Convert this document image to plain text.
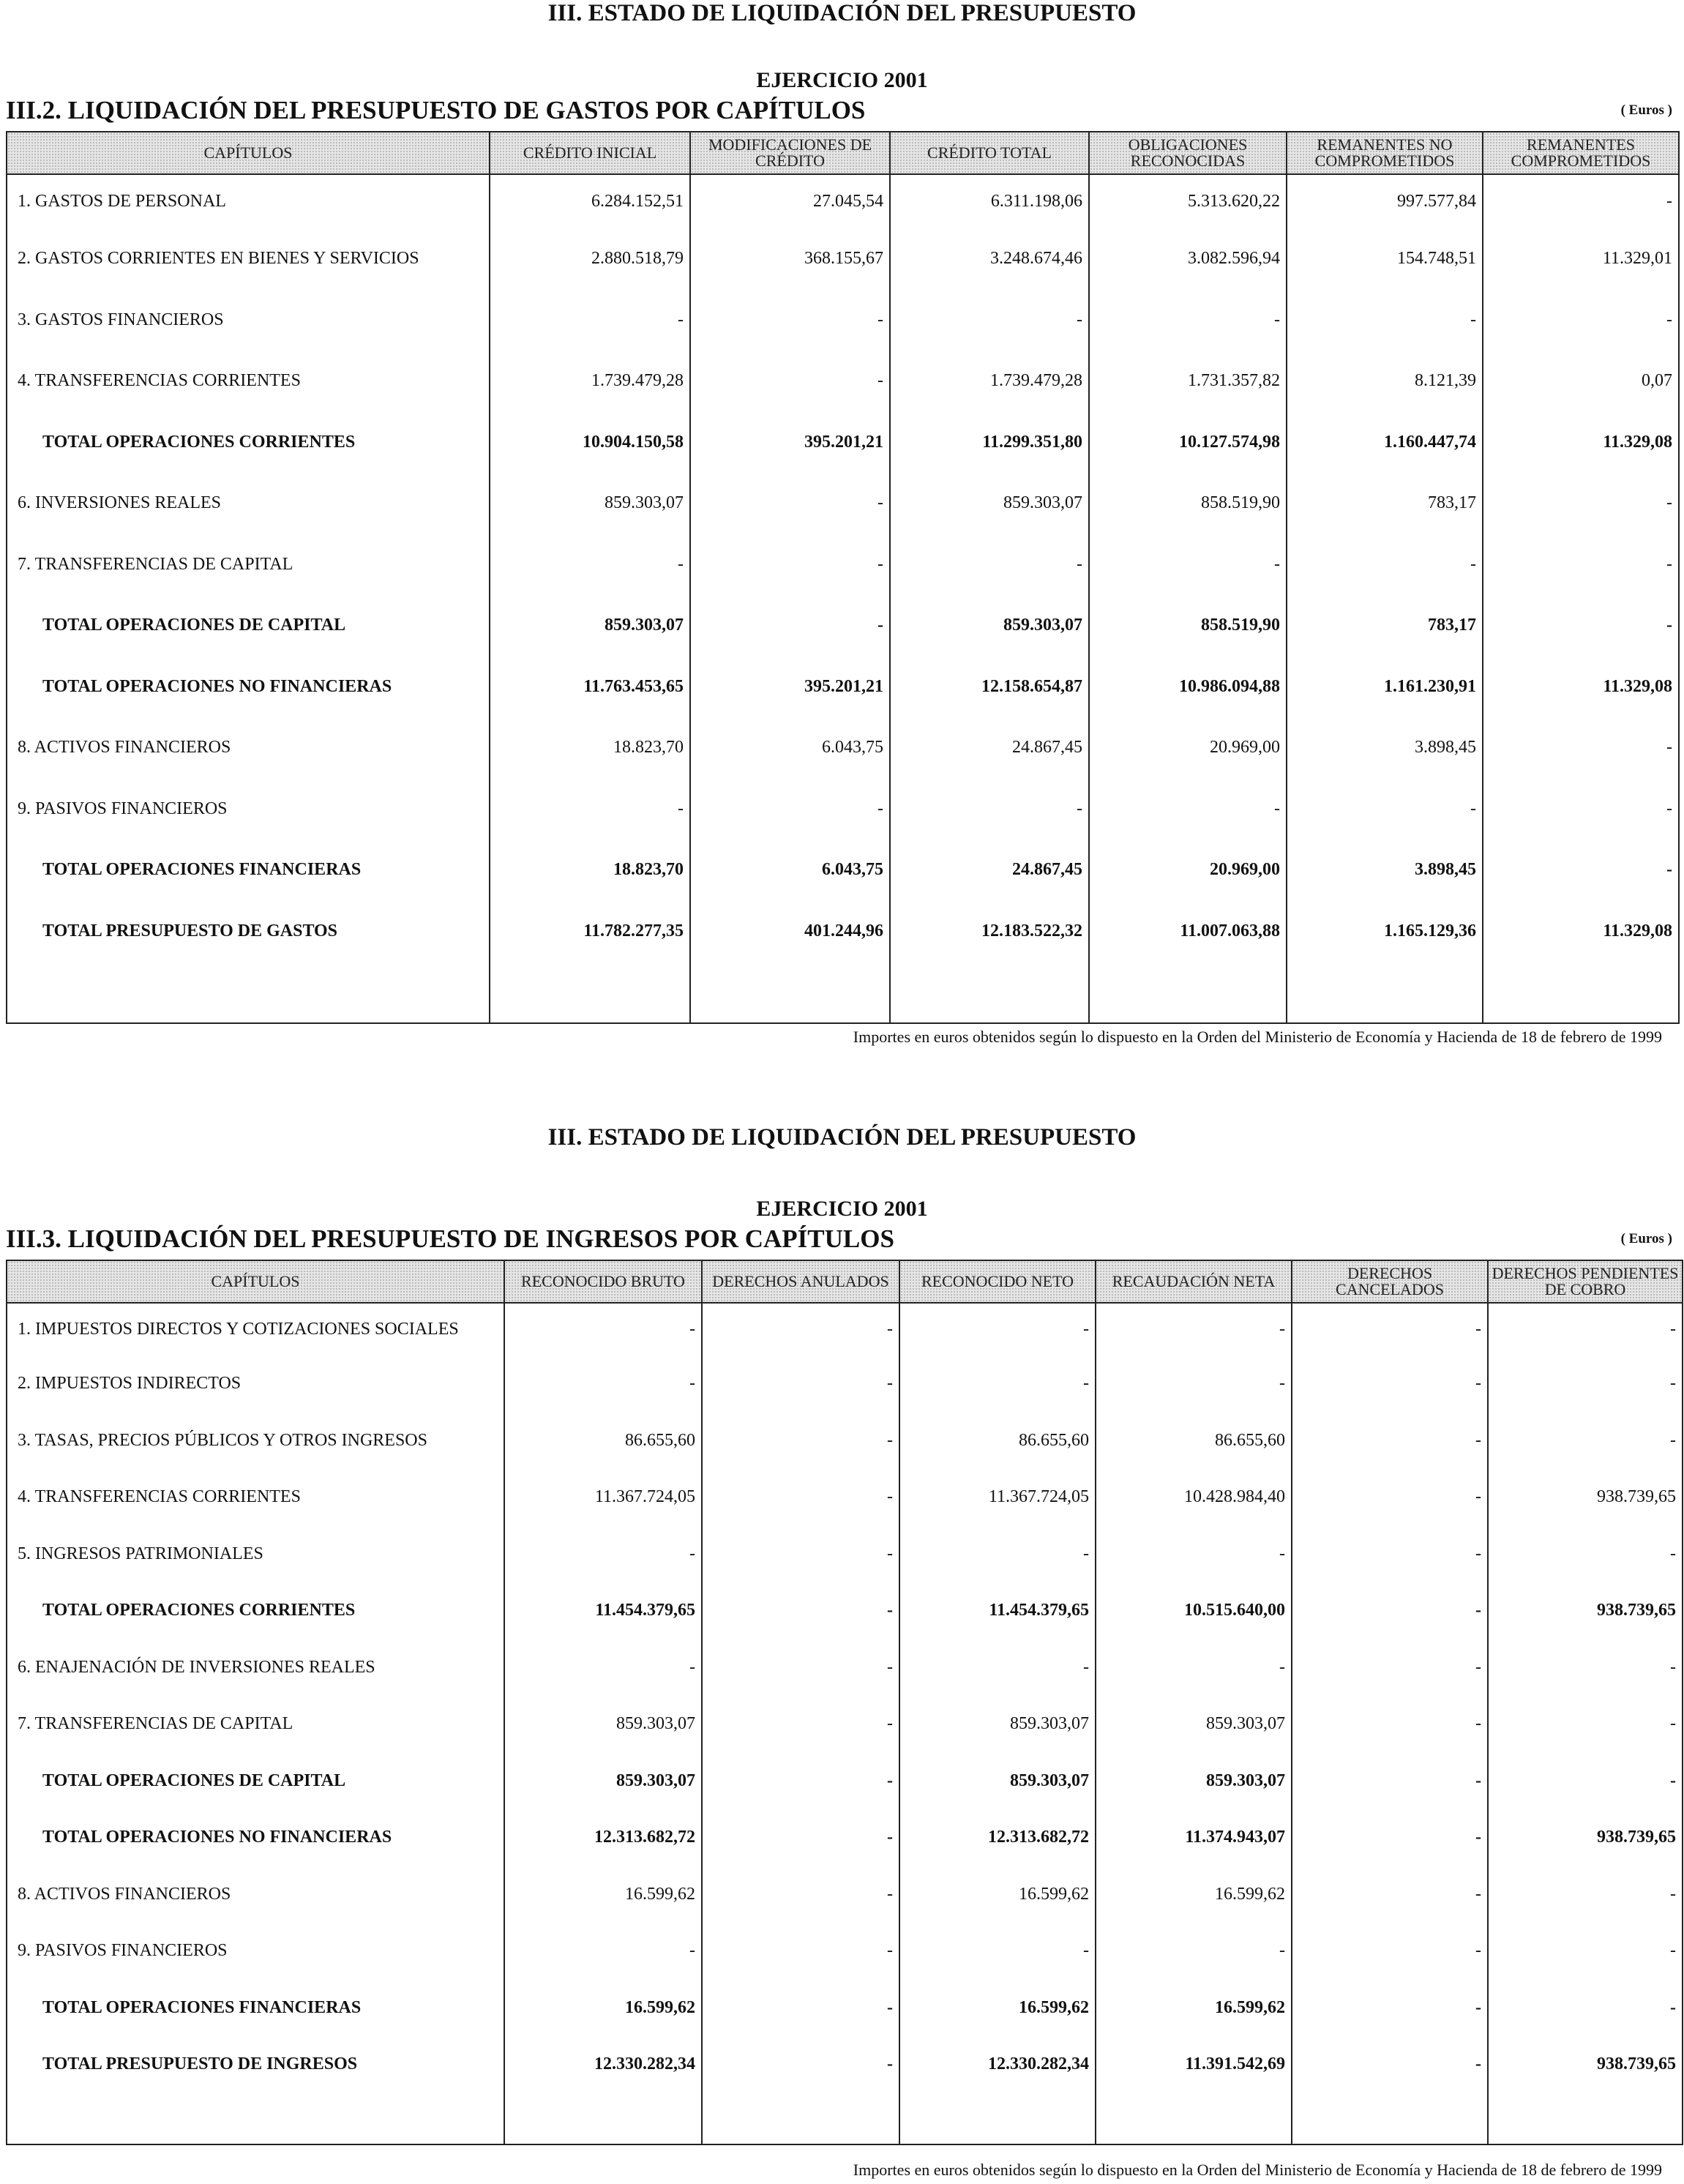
III. ESTADO DE LIQUIDACIÓN DEL PRESUPUESTO
EJERCICIO 2001
III.2. LIQUIDACIÓN DEL PRESUPUESTO DE GASTOS POR CAPÍTULOS	( Euros )
CAPÍTULOS	CRÉDITO INICIAL	MODIFICACIONES DE CRÉDITO	CRÉDITO TOTAL	OBLIGACIONES RECONOCIDAS	REMANENTES NO COMPROMETIDOS	REMANENTES COMPROMETIDOS
1. GASTOS DE PERSONAL	6.284.152,51	27.045,54	6.311.198,06	5.313.620,22	997.577,84	-
2. GASTOS CORRIENTES EN BIENES Y SERVICIOS	2.880.518,79	368.155,67	3.248.674,46	3.082.596,94	154.748,51	11.329,01
3. GASTOS FINANCIEROS	-	-	-	-	-	-
4. TRANSFERENCIAS CORRIENTES	1.739.479,28	-	1.739.479,28	1.731.357,82	8.121,39	0,07
TOTAL OPERACIONES CORRIENTES	10.904.150,58	395.201,21	11.299.351,80	10.127.574,98	1.160.447,74	11.329,08
6. INVERSIONES REALES	859.303,07	-	859.303,07	858.519,90	783,17	-
7. TRANSFERENCIAS DE CAPITAL	-	-	-	-	-	-
TOTAL OPERACIONES DE CAPITAL	859.303,07	-	859.303,07	858.519,90	783,17	-
TOTAL OPERACIONES NO FINANCIERAS	11.763.453,65	395.201,21	12.158.654,87	10.986.094,88	1.161.230,91	11.329,08
8. ACTIVOS FINANCIEROS	18.823,70	6.043,75	24.867,45	20.969,00	3.898,45	-
9. PASIVOS FINANCIEROS	-	-	-	-	-	-
TOTAL OPERACIONES FINANCIERAS	18.823,70	6.043,75	24.867,45	20.969,00	3.898,45	-
TOTAL PRESUPUESTO DE GASTOS	11.782.277,35	401.244,96	12.183.522,32	11.007.063,88	1.165.129,36	11.329,08

Importes en euros obtenidos según lo dispuesto en la Orden del Ministerio de Economía y Hacienda de 18 de febrero de 1999
III. ESTADO DE LIQUIDACIÓN DEL PRESUPUESTO
EJERCICIO 2001
III.3. LIQUIDACIÓN DEL PRESUPUESTO DE INGRESOS POR CAPÍTULOS	( Euros )
CAPÍTULOS	RECONOCIDO BRUTO	DERECHOS ANULADOS	RECONOCIDO NETO	RECAUDACIÓN NETA	DERECHOS CANCELADOS	DERECHOS PENDIENTES DE COBRO
1. IMPUESTOS DIRECTOS Y COTIZACIONES SOCIALES	-	-	-	-	-	-
2. IMPUESTOS INDIRECTOS	-	-	-	-	-	-
3. TASAS, PRECIOS PÚBLICOS Y OTROS INGRESOS	86.655,60	-	86.655,60	86.655,60	-	-
4. TRANSFERENCIAS CORRIENTES	11.367.724,05	-	11.367.724,05	10.428.984,40	-	938.739,65
5. INGRESOS PATRIMONIALES	-	-	-	-	-	-
TOTAL OPERACIONES CORRIENTES	11.454.379,65	-	11.454.379,65	10.515.640,00	-	938.739,65
6. ENAJENACIÓN DE INVERSIONES REALES	-	-	-	-	-	-
7. TRANSFERENCIAS DE CAPITAL	859.303,07	-	859.303,07	859.303,07	-	-
TOTAL OPERACIONES DE CAPITAL	859.303,07	-	859.303,07	859.303,07	-	-
TOTAL OPERACIONES NO FINANCIERAS	12.313.682,72	-	12.313.682,72	11.374.943,07	-	938.739,65
8. ACTIVOS FINANCIEROS	16.599,62	-	16.599,62	16.599,62	-	-
9. PASIVOS FINANCIEROS	-	-	-	-	-	-
TOTAL OPERACIONES FINANCIERAS	16.599,62	-	16.599,62	16.599,62	-	-
TOTAL PRESUPUESTO DE INGRESOS	12.330.282,34	-	12.330.282,34	11.391.542,69	-	938.739,65

Importes en euros obtenidos según lo dispuesto en la Orden del Ministerio de Economía y Hacienda de 18 de febrero de 1999
